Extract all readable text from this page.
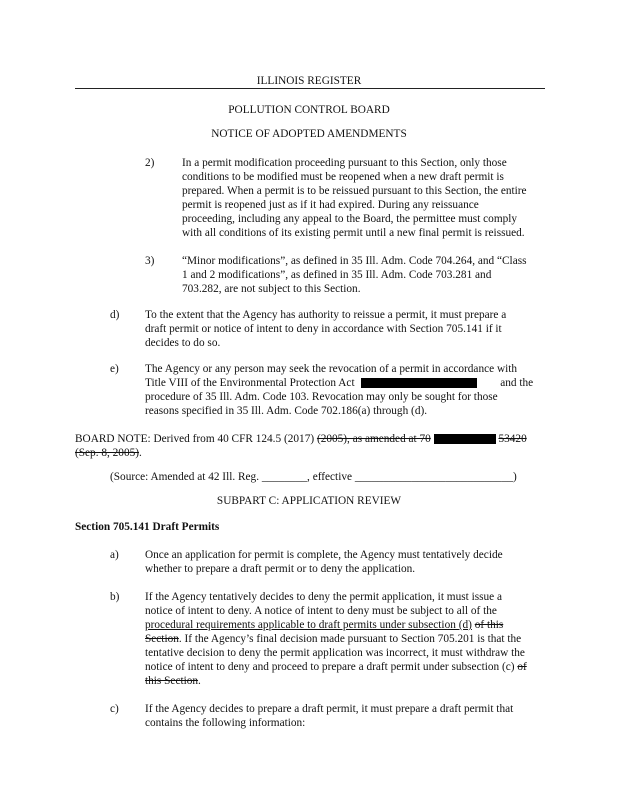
ILLINOIS REGISTER
POLLUTION CONTROL BOARD
NOTICE OF ADOPTED AMENDMENTS
2) In a permit modification proceeding pursuant to this Section, only those
conditions to be modified must be reopened when a new draft permit is
prepared. When a permit is to be reissued pursuant to this Section, the entire
permit is reopened just as if it had expired. During any reissuance
proceeding, including any appeal to the Board, the permittee must comply
with all conditions of its existing permit until a new final permit is reissued.
3) “Minor modifications”, as defined in 35 Ill. Adm. Code 704.264, and “Class
1 and 2 modifications”, as defined in 35 Ill. Adm. Code 703.281 and
703.282, are not subject to this Section.
d) To the extent that the Agency has authority to reissue a permit, it must prepare a
draft permit or notice of intent to deny in accordance with Section 705.141 if it
decides to do so.
e) The Agency or any person may seek the revocation of a permit in accordance with
Title VIII of the Environmental Protection Act	and the
procedure of 35 Ill. Adm. Code 103. Revocation may only be sought for those
reasons specified in 35 Ill. Adm. Code 702.186(a) through (d).
BOARD NOTE: Derived from 40 CFR 124.5 (2017) (2005), as amended at 70	53420
(Sep. 8, 2005).
(Source: Amended at 42 Ill. Reg. ________, effective ____________________________)
SUBPART C: APPLICATION REVIEW
Section 705.141 Draft Permits
a) Once an application for permit is complete, the Agency must tentatively decide
whether to prepare a draft permit or to deny the application.
b) If the Agency tentatively decides to deny the permit application, it must issue a
notice of intent to deny. A notice of intent to deny must be subject to all of the
procedural requirements applicable to draft permits under subsection (d) of this
Section. If the Agency’s final decision made pursuant to Section 705.201 is that the
tentative decision to deny the permit application was incorrect, it must withdraw the
notice of intent to deny and proceed to prepare a draft permit under subsection (c) of
this Section.
c) If the Agency decides to prepare a draft permit, it must prepare a draft permit that
contains the following information:
